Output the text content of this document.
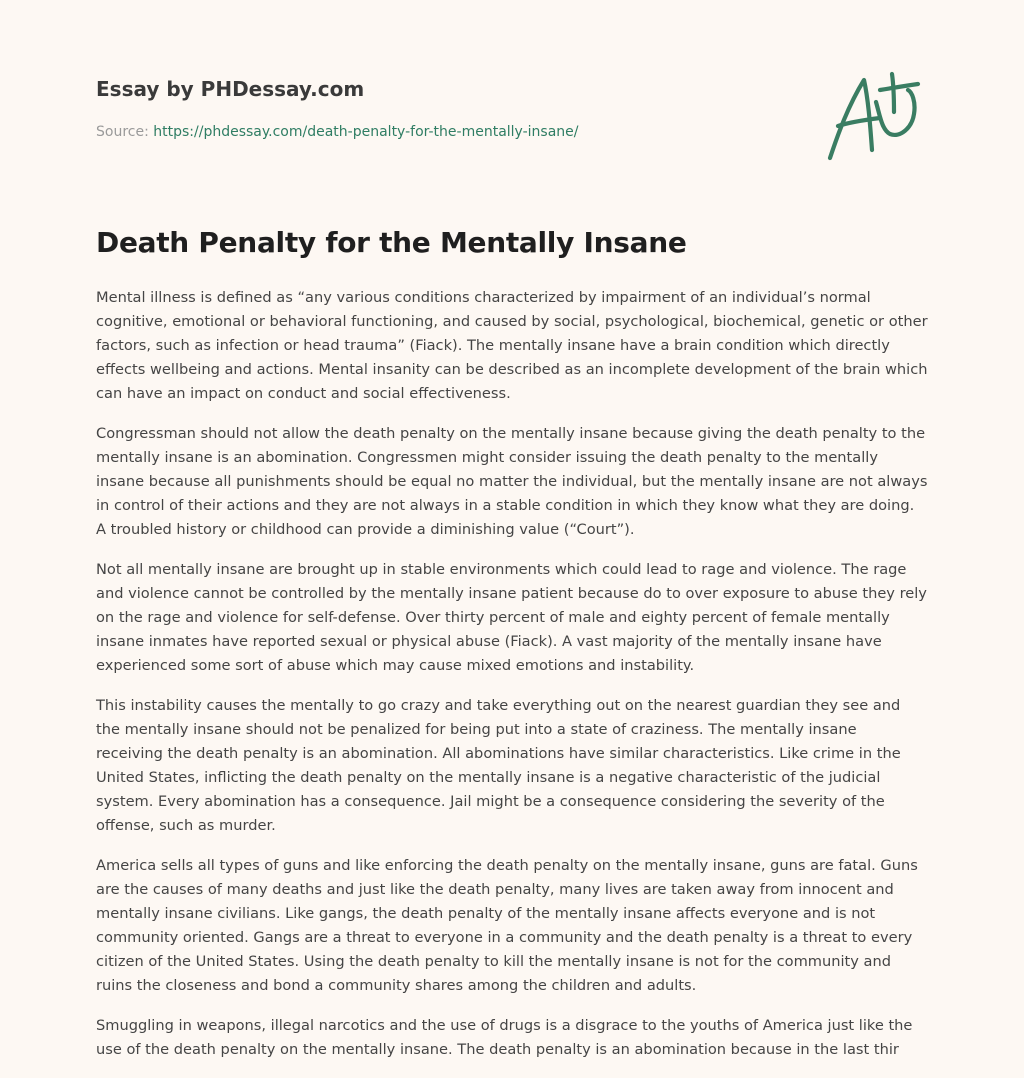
Essay by PHDessay.com
Source: https://phdessay.com/death-penalty-for-the-mentally-insane/
Death Penalty for the Mentally Insane

Mental illness is defined as “any various conditions characterized by impairment of an individual’s normal cognitive, emotional or behavioral functioning, and caused by social, psychological, biochemical, genetic or other factors, such as infection or head trauma” (Fiack). The mentally insane have a brain condition which directly effects wellbeing and actions. Mental insanity can be described as an incomplete development of the brain which can have an impact on conduct and social effectiveness.

Congressman should not allow the death penalty on the mentally insane because giving the death penalty to the mentally insane is an abomination. Congressmen might consider issuing the death penalty to the mentally insane because all punishments should be equal no matter the individual, but the mentally insane are not always in control of their actions and they are not always in a stable condition in which they know what they are doing. A troubled history or childhood can provide a diminishing value (“Court”).

Not all mentally insane are brought up in stable environments which could lead to rage and violence. The rage and violence cannot be controlled by the mentally insane patient because do to over exposure to abuse they rely on the rage and violence for self-defense. Over thirty percent of male and eighty percent of female mentally insane inmates have reported sexual or physical abuse (Fiack). A vast majority of the mentally insane have experienced some sort of abuse which may cause mixed emotions and instability.

This instability causes the mentally to go crazy and take everything out on the nearest guardian they see and the mentally insane should not be penalized for being put into a state of craziness. The mentally insane receiving the death penalty is an abomination. All abominations have similar characteristics. Like crime in the United States, inflicting the death penalty on the mentally insane is a negative characteristic of the judicial system. Every abomination has a consequence. Jail might be a consequence considering the severity of the offense, such as murder.

America sells all types of guns and like enforcing the death penalty on the mentally insane, guns are fatal. Guns are the causes of many deaths and just like the death penalty, many lives are taken away from innocent and mentally insane civilians. Like gangs, the death penalty of the mentally insane affects everyone and is not community oriented. Gangs are a threat to everyone in a community and the death penalty is a threat to every citizen of the United States. Using the death penalty to kill the mentally insane is not for the community and ruins the closeness and bond a community shares among the children and adults.

Smuggling in weapons, illegal narcotics and the use of drugs is a disgrace to the youths of America just like the use of the death penalty on the mentally insane. The death penalty is an abomination because in the last thir
